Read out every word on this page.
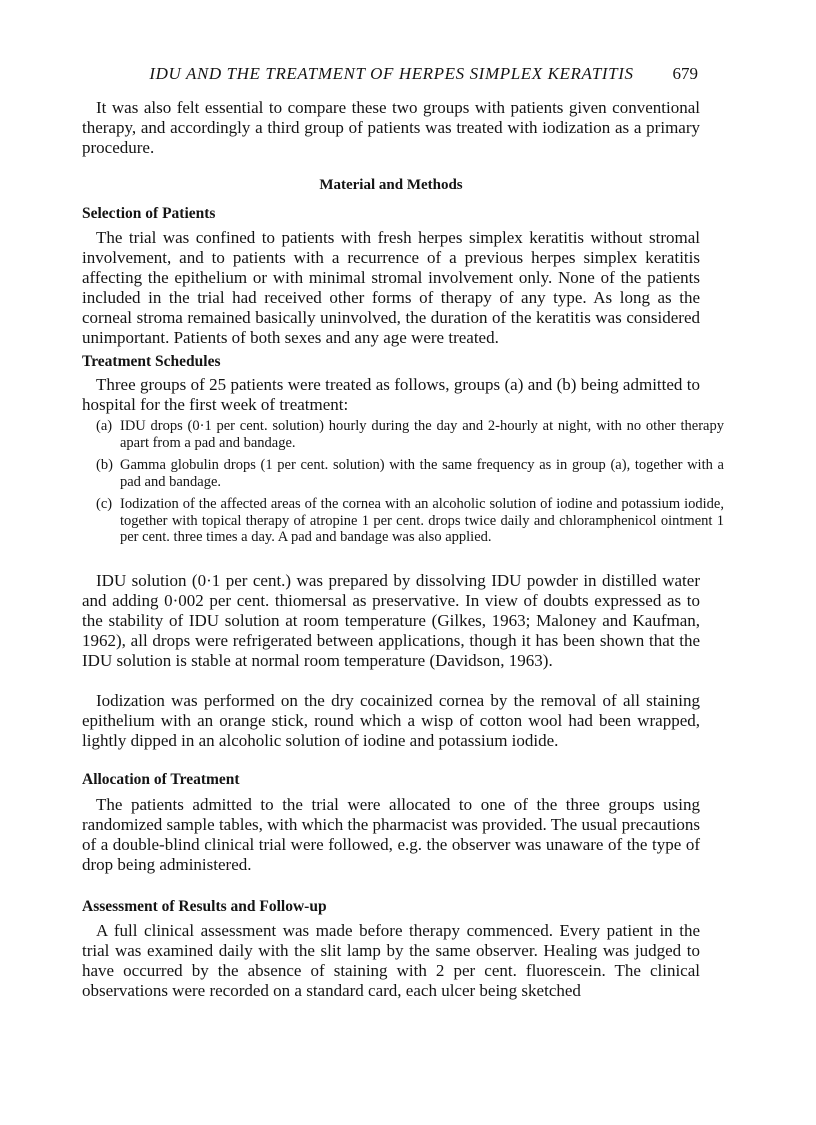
IDU AND THE TREATMENT OF HERPES SIMPLEX KERATITIS 679

It was also felt essential to compare these two groups with patients given conventional therapy, and accordingly a third group of patients was treated with iodization as a primary procedure.

Material and Methods

Selection of Patients

The trial was confined to patients with fresh herpes simplex keratitis without stromal involvement, and to patients with a recurrence of a previous herpes simplex keratitis affecting the epithelium or with minimal stromal involvement only. None of the patients included in the trial had received other forms of therapy of any type. As long as the corneal stroma remained basically uninvolved, the duration of the keratitis was considered unimportant. Patients of both sexes and any age were treated.

Treatment Schedules

Three groups of 25 patients were treated as follows, groups (a) and (b) being admitted to hospital for the first week of treatment:

(a) IDU drops (0·1 per cent. solution) hourly during the day and 2-hourly at night, with no other therapy apart from a pad and bandage.

(b) Gamma globulin drops (1 per cent. solution) with the same frequency as in group (a), together with a pad and bandage.

(c) Iodization of the affected areas of the cornea with an alcoholic solution of iodine and potassium iodide, together with topical therapy of atropine 1 per cent. drops twice daily and chloramphenicol ointment 1 per cent. three times a day. A pad and bandage was also applied.

IDU solution (0·1 per cent.) was prepared by dissolving IDU powder in distilled water and adding 0·002 per cent. thiomersal as preservative. In view of doubts expressed as to the stability of IDU solution at room temperature (Gilkes, 1963; Maloney and Kaufman, 1962), all drops were refrigerated between applications, though it has been shown that the IDU solution is stable at normal room temperature (Davidson, 1963).

Iodization was performed on the dry cocainized cornea by the removal of all staining epithelium with an orange stick, round which a wisp of cotton wool had been wrapped, lightly dipped in an alcoholic solution of iodine and potassium iodide.

Allocation of Treatment

The patients admitted to the trial were allocated to one of the three groups using randomized sample tables, with which the pharmacist was provided. The usual precautions of a double-blind clinical trial were followed, e.g. the observer was unaware of the type of drop being administered.

Assessment of Results and Follow-up

A full clinical assessment was made before therapy commenced. Every patient in the trial was examined daily with the slit lamp by the same observer. Healing was judged to have occurred by the absence of staining with 2 per cent. fluorescein. The clinical observations were recorded on a standard card, each ulcer being sketched
